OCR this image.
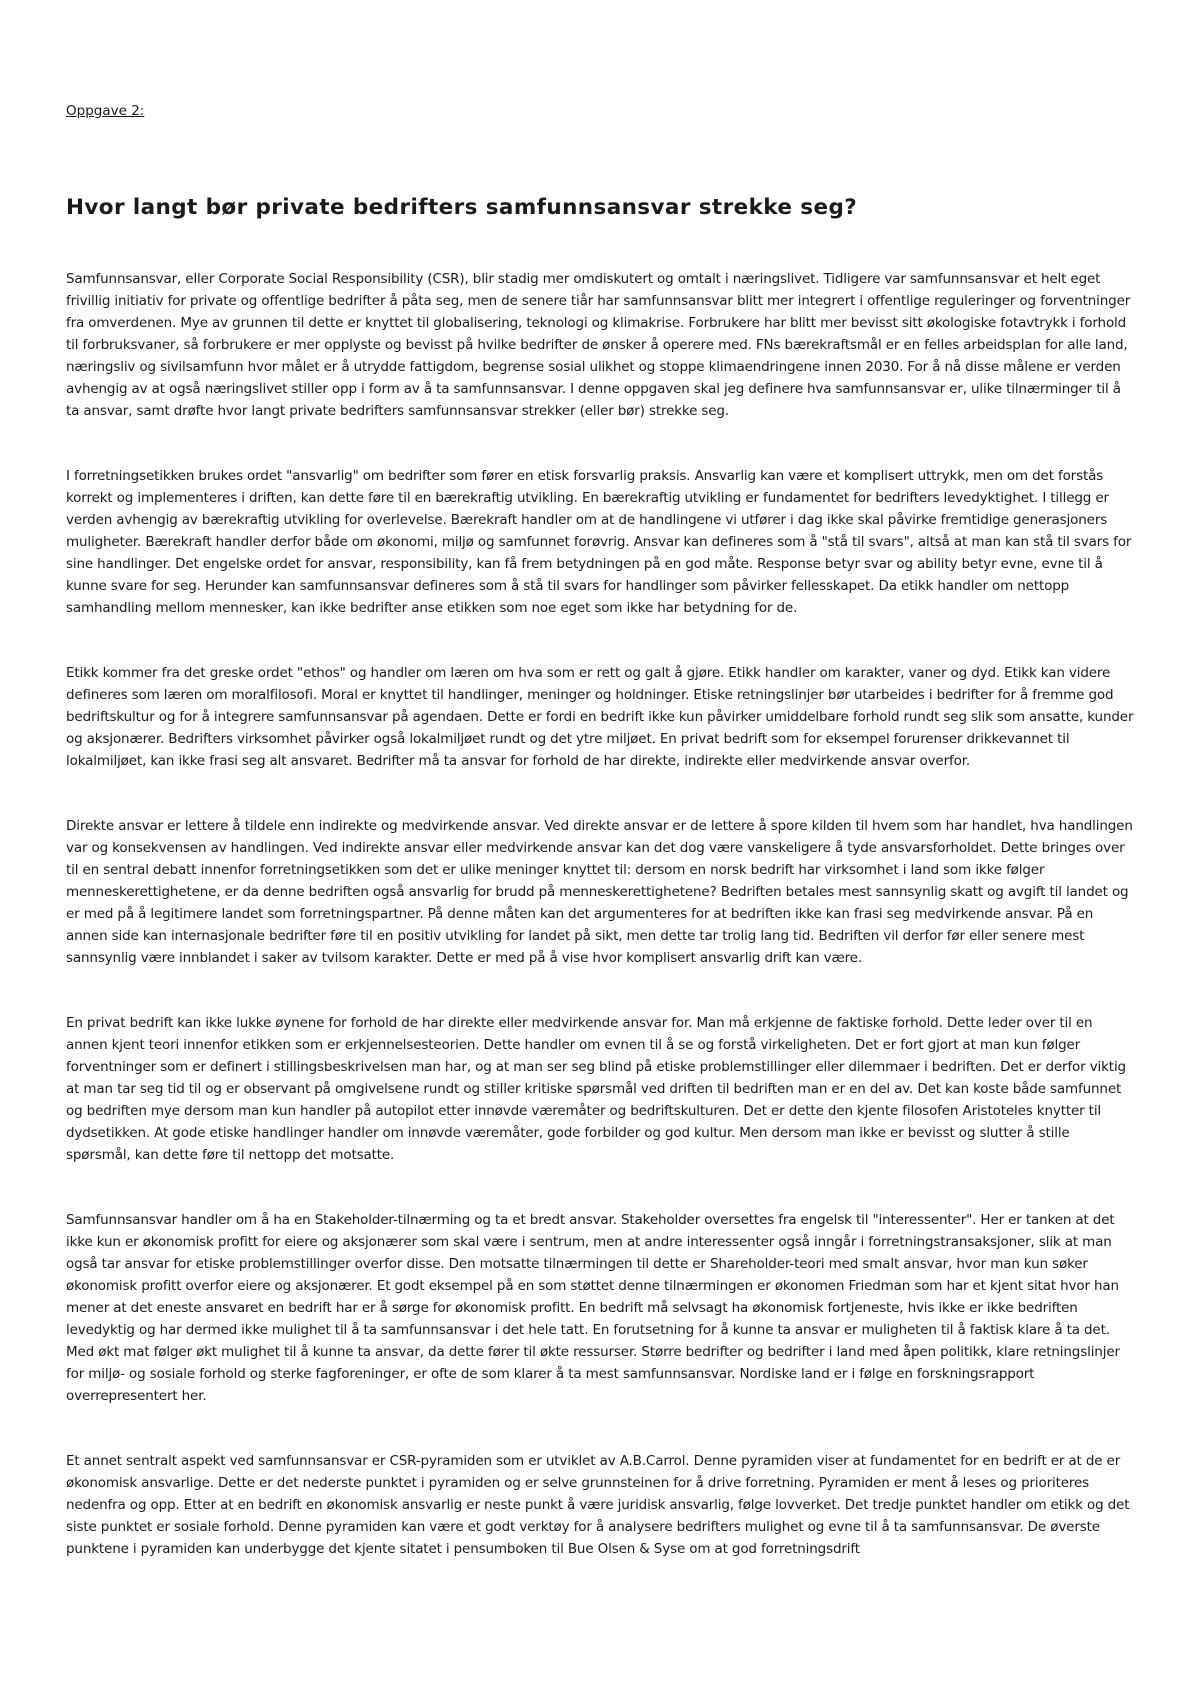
Oppgave 2:

Hvor langt bør private bedrifters samfunnsansvar strekke seg?

Samfunnsansvar, eller Corporate Social Responsibility (CSR), blir stadig mer omdiskutert og omtalt i næringslivet. Tidligere var samfunnsansvar et helt eget frivillig initiativ for private og offentlige bedrifter å påta seg, men de senere tiår har samfunnsansvar blitt mer integrert i offentlige reguleringer og forventninger fra omverdenen. Mye av grunnen til dette er knyttet til globalisering, teknologi og klimakrise. Forbrukere har blitt mer bevisst sitt økologiske fotavtrykk i forhold til forbruksvaner, så forbrukere er mer opplyste og bevisst på hvilke bedrifter de ønsker å operere med. FNs bærekraftsmål er en felles arbeidsplan for alle land, næringsliv og sivilsamfunn hvor målet er å utrydde fattigdom, begrense sosial ulikhet og stoppe klimaendringene innen 2030. For å nå disse målene er verden avhengig av at også næringslivet stiller opp i form av å ta samfunnsansvar. I denne oppgaven skal jeg definere hva samfunnsansvar er, ulike tilnærminger til å ta ansvar, samt drøfte hvor langt private bedrifters samfunnsansvar strekker (eller bør) strekke seg.

I forretningsetikken brukes ordet "ansvarlig" om bedrifter som fører en etisk forsvarlig praksis. Ansvarlig kan være et komplisert uttrykk, men om det forstås korrekt og implementeres i driften, kan dette føre til en bærekraftig utvikling. En bærekraftig utvikling er fundamentet for bedrifters levedyktighet. I tillegg er verden avhengig av bærekraftig utvikling for overlevelse. Bærekraft handler om at de handlingene vi utfører i dag ikke skal påvirke fremtidige generasjoners muligheter. Bærekraft handler derfor både om økonomi, miljø og samfunnet forøvrig. Ansvar kan defineres som å "stå til svars", altså at man kan stå til svars for sine handlinger. Det engelske ordet for ansvar, responsibility, kan få frem betydningen på en god måte. Response betyr svar og ability betyr evne, evne til å kunne svare for seg. Herunder kan samfunnsansvar defineres som å stå til svars for handlinger som påvirker fellesskapet. Da etikk handler om nettopp samhandling mellom mennesker, kan ikke bedrifter anse etikken som noe eget som ikke har betydning for de.

Etikk kommer fra det greske ordet "ethos" og handler om læren om hva som er rett og galt å gjøre. Etikk handler om karakter, vaner og dyd. Etikk kan videre defineres som læren om moralfilosofi. Moral er knyttet til handlinger, meninger og holdninger. Etiske retningslinjer bør utarbeides i bedrifter for å fremme god bedriftskultur og for å integrere samfunnsansvar på agendaen. Dette er fordi en bedrift ikke kun påvirker umiddelbare forhold rundt seg slik som ansatte, kunder og aksjonærer. Bedrifters virksomhet påvirker også lokalmiljøet rundt og det ytre miljøet. En privat bedrift som for eksempel forurenser drikkevannet til lokalmiljøet, kan ikke frasi seg alt ansvaret. Bedrifter må ta ansvar for forhold de har direkte, indirekte eller medvirkende ansvar overfor.

Direkte ansvar er lettere å tildele enn indirekte og medvirkende ansvar. Ved direkte ansvar er de lettere å spore kilden til hvem som har handlet, hva handlingen var og konsekvensen av handlingen. Ved indirekte ansvar eller medvirkende ansvar kan det dog være vanskeligere å tyde ansvarsforholdet. Dette bringes over til en sentral debatt innenfor forretningsetikken som det er ulike meninger knyttet til: dersom en norsk bedrift har virksomhet i land som ikke følger menneskerettighetene, er da denne bedriften også ansvarlig for brudd på menneskerettighetene? Bedriften betales mest sannsynlig skatt og avgift til landet og er med på å legitimere landet som forretningspartner. På denne måten kan det argumenteres for at bedriften ikke kan frasi seg medvirkende ansvar. På en annen side kan internasjonale bedrifter føre til en positiv utvikling for landet på sikt, men dette tar trolig lang tid. Bedriften vil derfor før eller senere mest sannsynlig være innblandet i saker av tvilsom karakter. Dette er med på å vise hvor komplisert ansvarlig drift kan være.

En privat bedrift kan ikke lukke øynene for forhold de har direkte eller medvirkende ansvar for. Man må erkjenne de faktiske forhold. Dette leder over til en annen kjent teori innenfor etikken som er erkjennelsesteorien. Dette handler om evnen til å se og forstå virkeligheten. Det er fort gjort at man kun følger forventninger som er definert i stillingsbeskrivelsen man har, og at man ser seg blind på etiske problemstillinger eller dilemmaer i bedriften. Det er derfor viktig at man tar seg tid til og er observant på omgivelsene rundt og stiller kritiske spørsmål ved driften til bedriften man er en del av. Det kan koste både samfunnet og bedriften mye dersom man kun handler på autopilot etter innøvde væremåter og bedriftskulturen. Det er dette den kjente filosofen Aristoteles knytter til dydsetikken. At gode etiske handlinger handler om innøvde væremåter, gode forbilder og god kultur. Men dersom man ikke er bevisst og slutter å stille spørsmål, kan dette føre til nettopp det motsatte.

Samfunnsansvar handler om å ha en Stakeholder-tilnærming og ta et bredt ansvar. Stakeholder oversettes fra engelsk til "interessenter". Her er tanken at det ikke kun er økonomisk profitt for eiere og aksjonærer som skal være i sentrum, men at andre interessenter også inngår i forretningstransaksjoner, slik at man også tar ansvar for etiske problemstillinger overfor disse. Den motsatte tilnærmingen til dette er Shareholder-teori med smalt ansvar, hvor man kun søker økonomisk profitt overfor eiere og aksjonærer. Et godt eksempel på en som støttet denne tilnærmingen er økonomen Friedman som har et kjent sitat hvor han mener at det eneste ansvaret en bedrift har er å sørge for økonomisk profitt. En bedrift må selvsagt ha økonomisk fortjeneste, hvis ikke er ikke bedriften levedyktig og har dermed ikke mulighet til å ta samfunnsansvar i det hele tatt. En forutsetning for å kunne ta ansvar er muligheten til å faktisk klare å ta det. Med økt mat følger økt mulighet til å kunne ta ansvar, da dette fører til økte ressurser. Større bedrifter og bedrifter i land med åpen politikk, klare retningslinjer for miljø- og sosiale forhold og sterke fagforeninger, er ofte de som klarer å ta mest samfunnsansvar. Nordiske land er i følge en forskningsrapport overrepresentert her.

Et annet sentralt aspekt ved samfunnsansvar er CSR-pyramiden som er utviklet av A.B.Carrol. Denne pyramiden viser at fundamentet for en bedrift er at de er økonomisk ansvarlige. Dette er det nederste punktet i pyramiden og er selve grunnsteinen for å drive forretning. Pyramiden er ment å leses og prioriteres nedenfra og opp. Etter at en bedrift en økonomisk ansvarlig er neste punkt å være juridisk ansvarlig, følge lovverket. Det tredje punktet handler om etikk og det siste punktet er sosiale forhold. Denne pyramiden kan være et godt verktøy for å analysere bedrifters mulighet og evne til å ta samfunnsansvar. De øverste punktene i pyramiden kan underbygge det kjente sitatet i pensumboken til Bue Olsen & Syse om at god forretningsdrift
